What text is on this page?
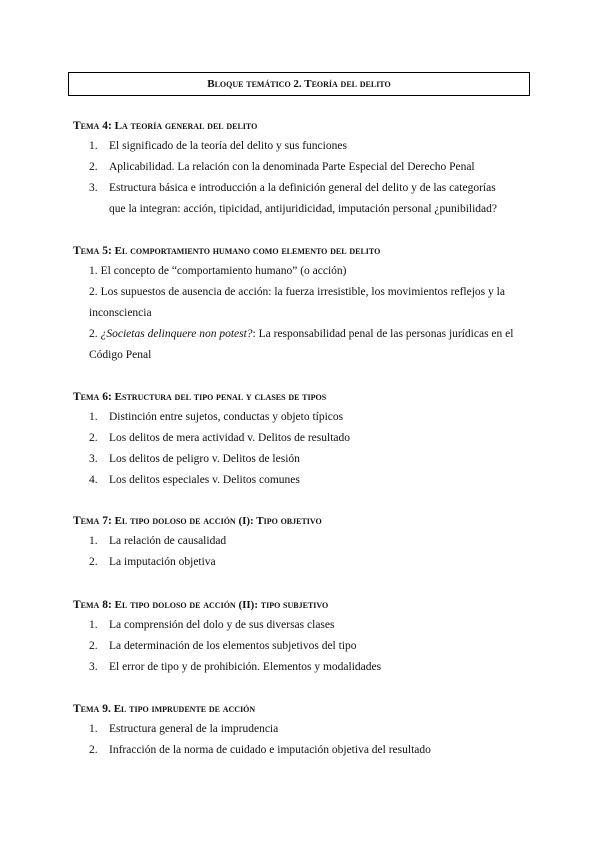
Bloque temático 2. Teoría del delito
Tema 4: La teoría general del delito
1. El significado de la teoría del delito y sus funciones
2. Aplicabilidad. La relación con la denominada Parte Especial del Derecho Penal
3. Estructura básica e introducción a la definición general del delito y de las categorías
que la integran: acción, tipicidad, antijuridicidad, imputación personal ¿punibilidad?
Tema 5: El comportamiento humano como elemento del delito
1. El concepto de “comportamiento humano” (o acción)
2. Los supuestos de ausencia de acción: la fuerza irresistible, los movimientos reflejos y la inconsciencia
2. ¿Societas delinquere non potest?: La responsabilidad penal de las personas jurídicas en el Código Penal
Tema 6: Estructura del tipo penal y clases de tipos
1. Distinción entre sujetos, conductas y objeto típicos
2. Los delitos de mera actividad v. Delitos de resultado
3. Los delitos de peligro v. Delitos de lesión
4. Los delitos especiales v. Delitos comunes
Tema 7: El tipo doloso de acción (I): Tipo objetivo
1. La relación de causalidad
2. La imputación objetiva
Tema 8: El tipo doloso de acción (II): tipo subjetivo
1. La comprensión del dolo y de sus diversas clases
2. La determinación de los elementos subjetivos del tipo
3. El error de tipo y de prohibición. Elementos y modalidades
Tema 9. El tipo imprudente de acción
1. Estructura general de la imprudencia
2. Infracción de la norma de cuidado e imputación objetiva del resultado
